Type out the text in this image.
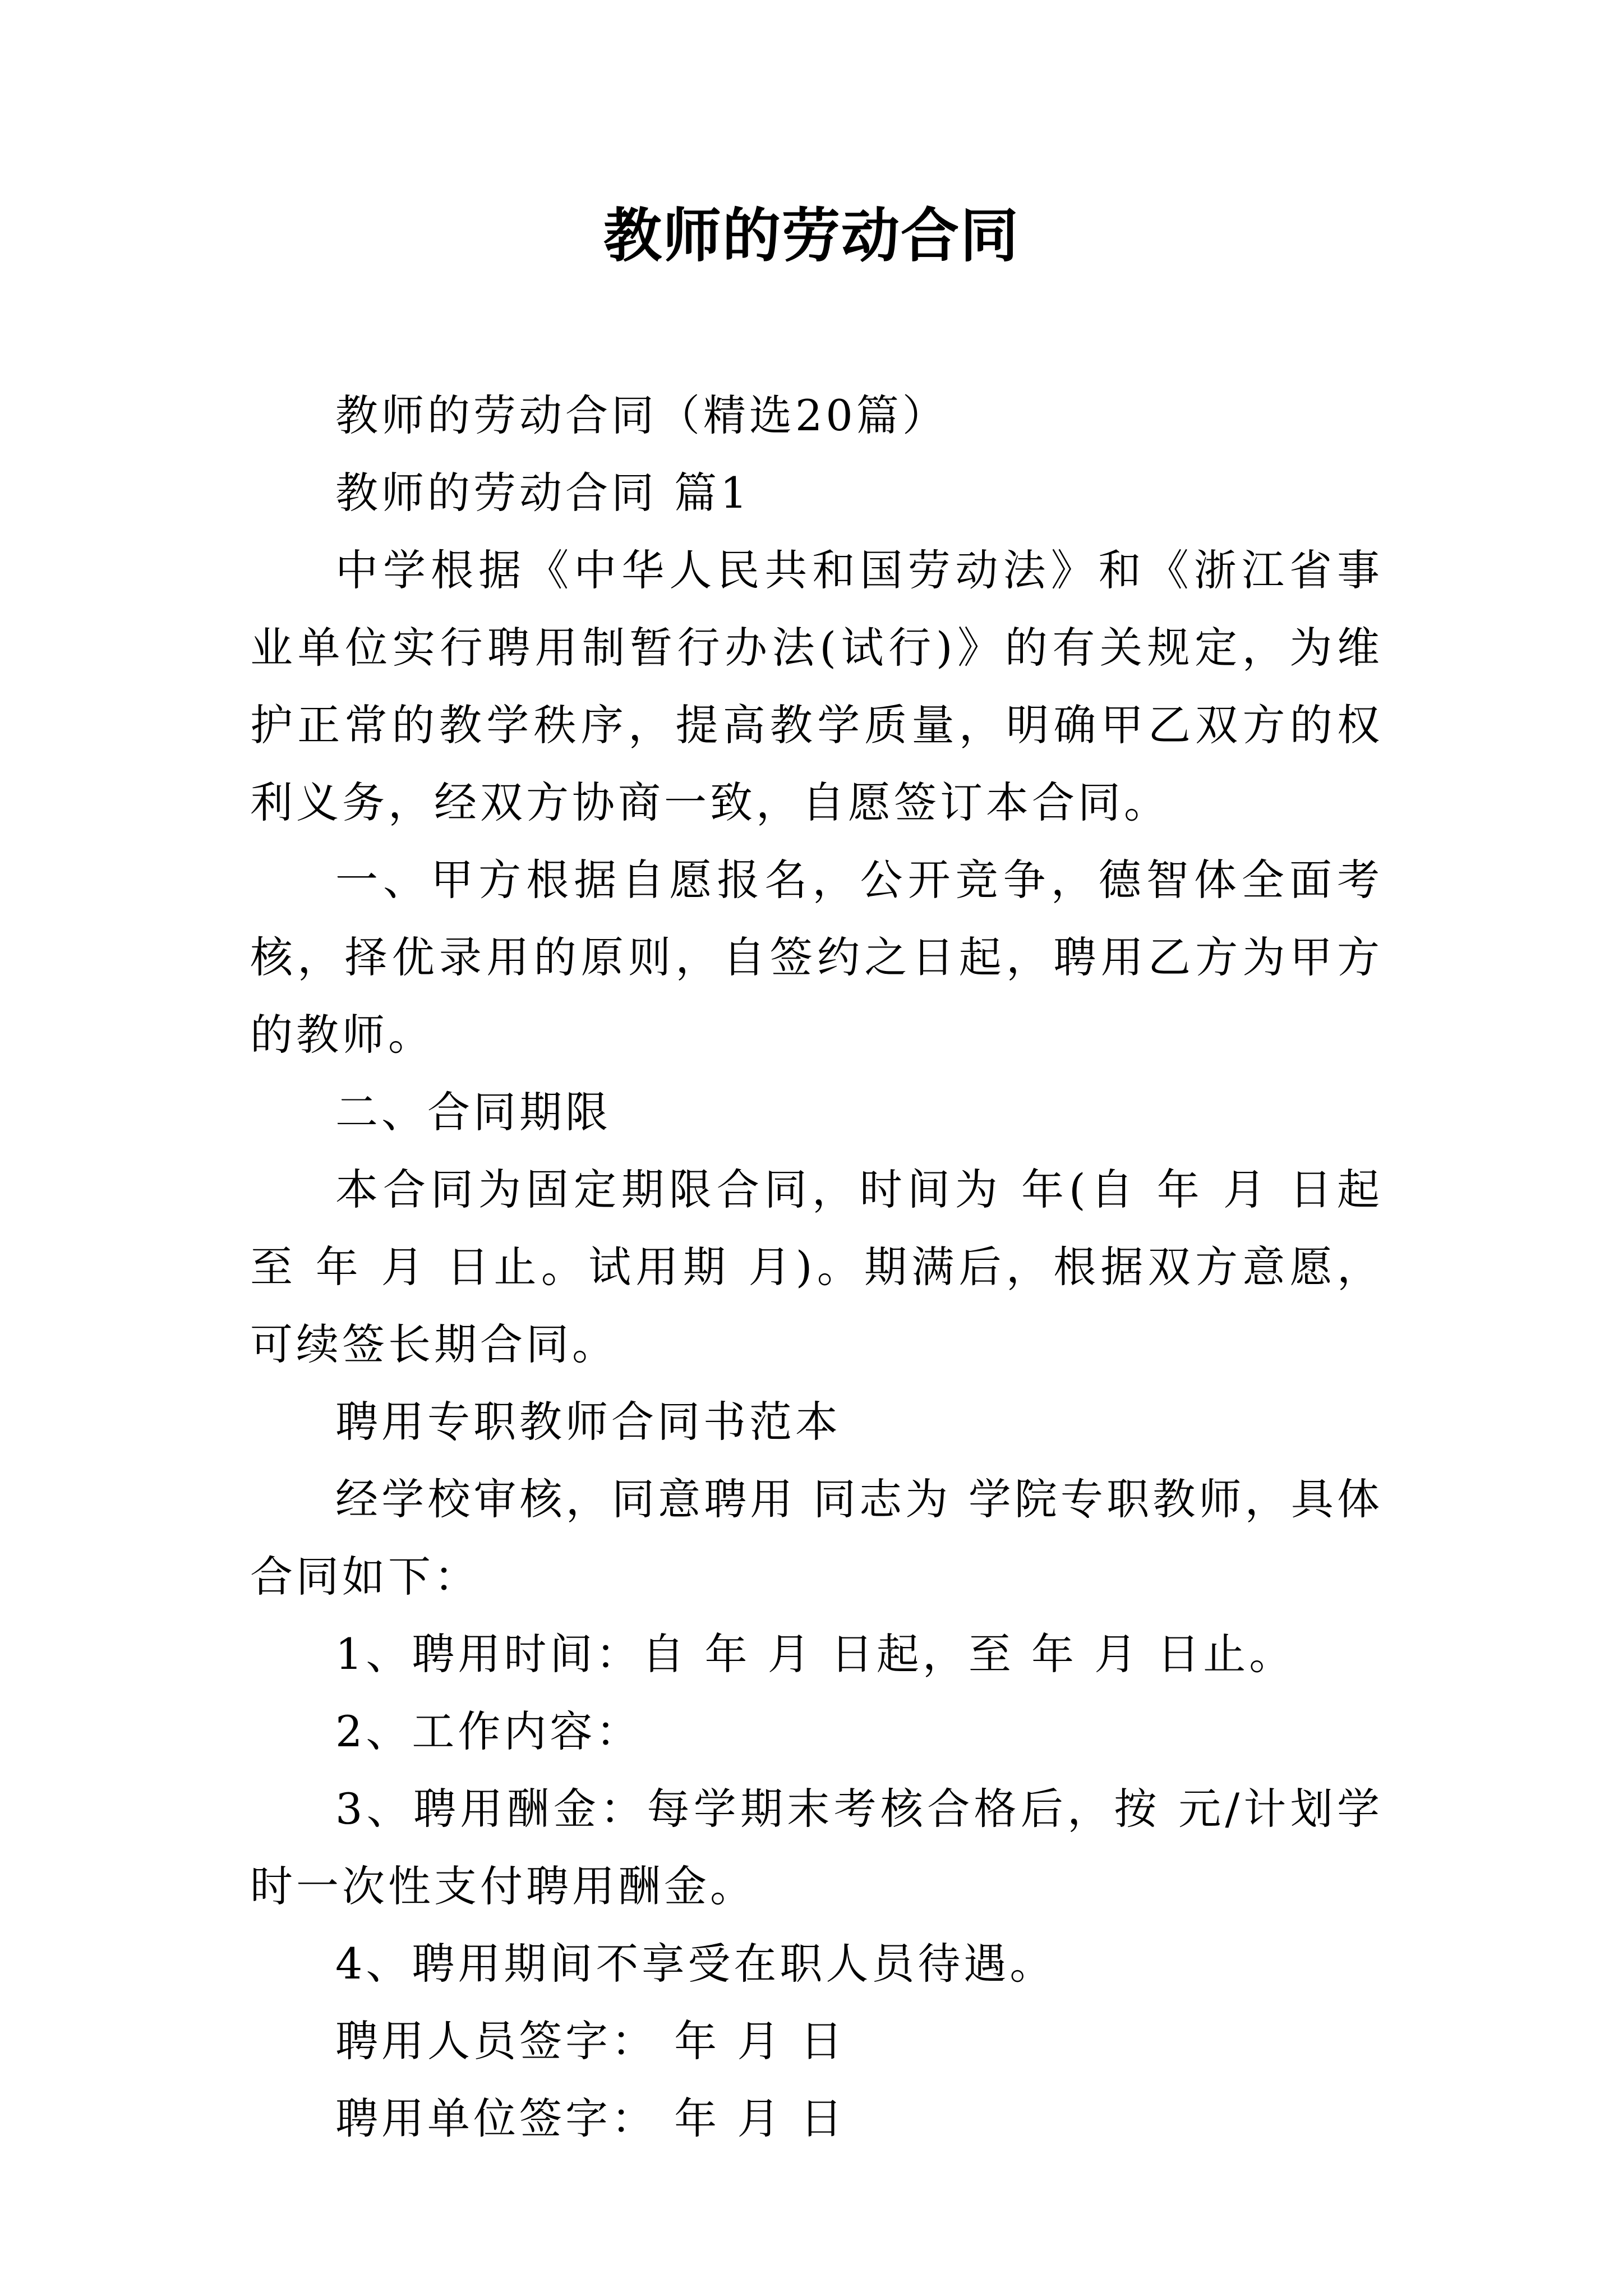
教师的劳动合同

教师的劳动合同（精选20篇）

教师的劳动合同 篇1

中学根据《中华人民共和国劳动法》和《浙江省事业单位实行聘用制暂行办法(试行)》的有关规定，为维护正常的教学秩序，提高教学质量，明确甲乙双方的权利义务，经双方协商一致，自愿签订本合同。

一、甲方根据自愿报名，公开竞争，德智体全面考核，择优录用的原则，自签约之日起，聘用乙方为甲方的教师。

二、合同期限

本合同为固定期限合同，时间为 年(自 年 月 日起至 年 月 日止。试用期 月)。期满后，根据双方意愿，可续签长期合同。

聘用专职教师合同书范本

经学校审核，同意聘用 同志为 学院专职教师，具体合同如下：

1、聘用时间：自 年 月 日起，至 年 月 日止。

2、工作内容：

3、聘用酬金：每学期末考核合格后，按 元/计划学时一次性支付聘用酬金。

4、聘用期间不享受在职人员待遇。

聘用人员签字： 年 月 日

聘用单位签字： 年 月 日
